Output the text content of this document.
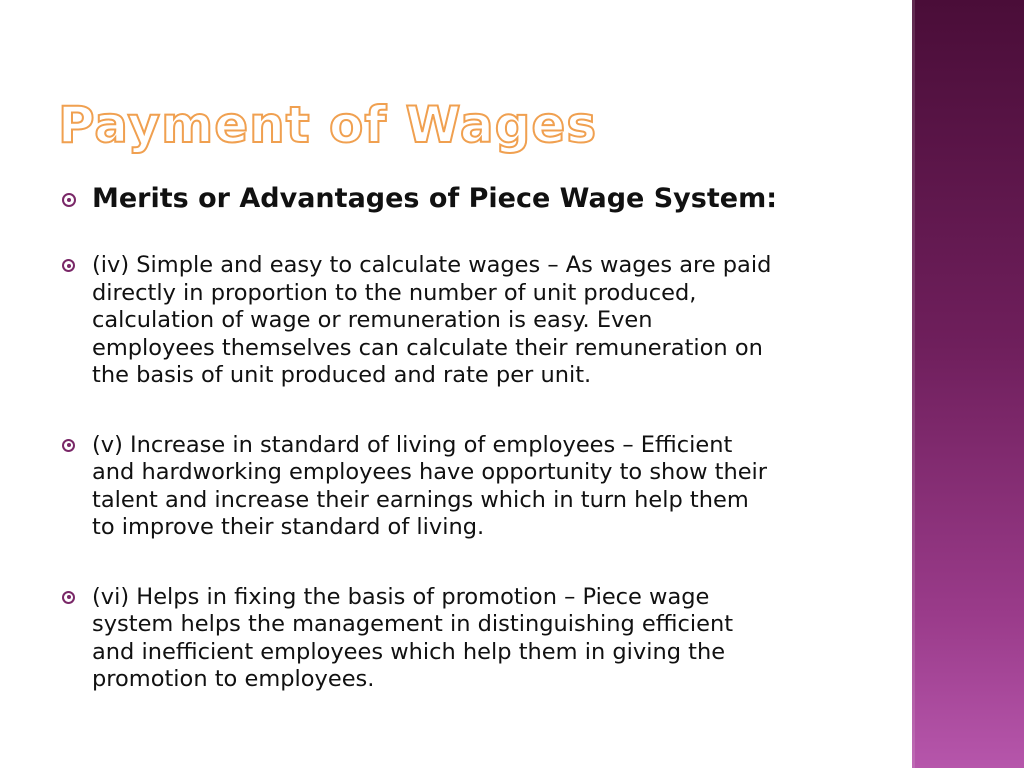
Payment of Wages
Merits or Advantages of Piece Wage System:
(iv) Simple and easy to calculate wages – As wages are paid
directly in proportion to the number of unit produced,
calculation of wage or remuneration is easy. Even
employees themselves can calculate their remuneration on
the basis of unit produced and rate per unit.
(v) Increase in standard of living of employees – Efficient
and hardworking employees have opportunity to show their
talent and increase their earnings which in turn help them
to improve their standard of living.
(vi) Helps in fixing the basis of promotion – Piece wage
system helps the management in distinguishing efficient
and inefficient employees which help them in giving the
promotion to employees.
